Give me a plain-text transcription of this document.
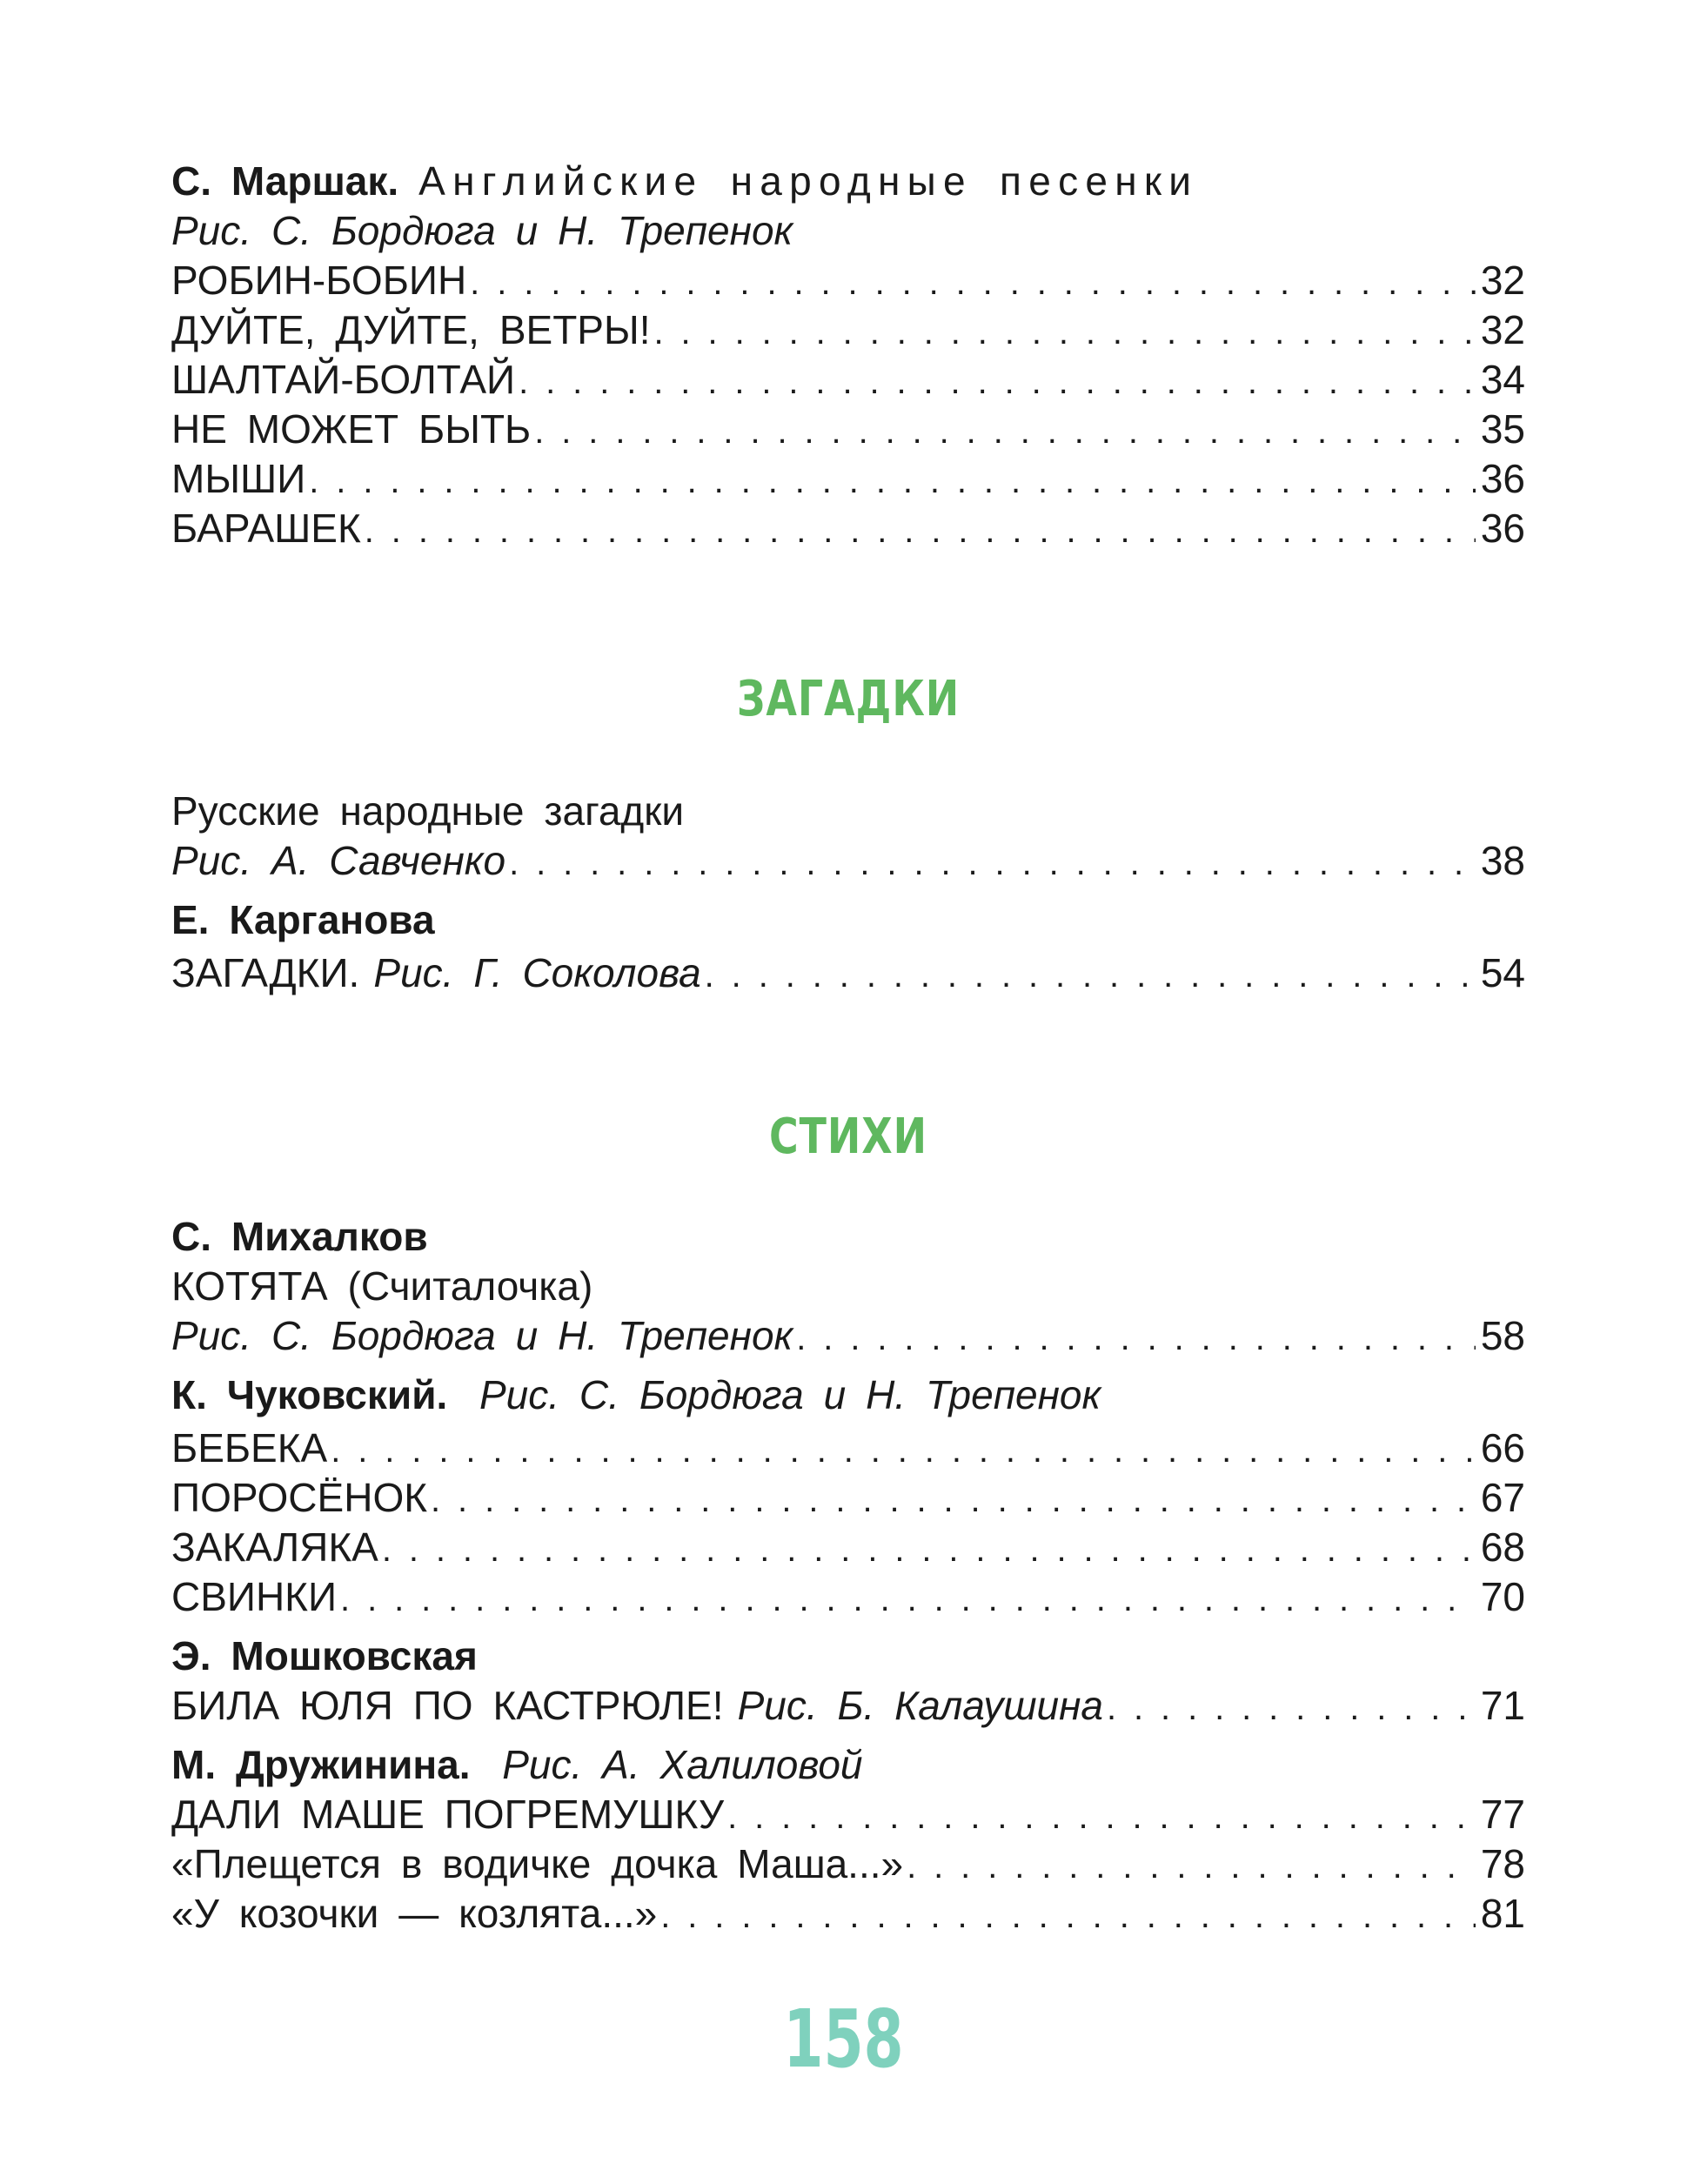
С. Маршак. Английские народные песенки
Рис. С. Бордюга и Н. Трепенок
РОБИН-БОБИН . . .	32
ДУЙТЕ, ДУЙТЕ, ВЕТРЫ! . . .	32
ШАЛТАЙ-БОЛТАЙ . . .	34
НЕ МОЖЕТ БЫТЬ . . .	35
МЫШИ . . .	36
БАРАШЕК . . .	36
ЗАГАДКИ
Русские народные загадки
Рис. А. Савченко . . .	38
Е. Карганова
ЗАГАДКИ. Рис. Г. Соколова . . .	54
СТИХИ
С. Михалков
КОТЯТА (Считалочка)
Рис. С. Бордюга и Н. Трепенок . . .	58
К. Чуковский. Рис. С. Бордюга и Н. Трепенок
БЕБЕКА . . .	66
ПОРОСЁНОК . . .	67
ЗАКАЛЯКА . . .	68
СВИНКИ . . .	70
Э. Мошковская
БИЛА ЮЛЯ ПО КАСТРЮЛЕ! Рис. Б. Калаушина . . .	71
М. Дружинина. Рис. А. Халиловой
ДАЛИ МАШЕ ПОГРЕМУШКУ . . .	77
«Плещется в водичке дочка Маша...» . . .	78
«У козочки — козлята...» . . .	81
158
